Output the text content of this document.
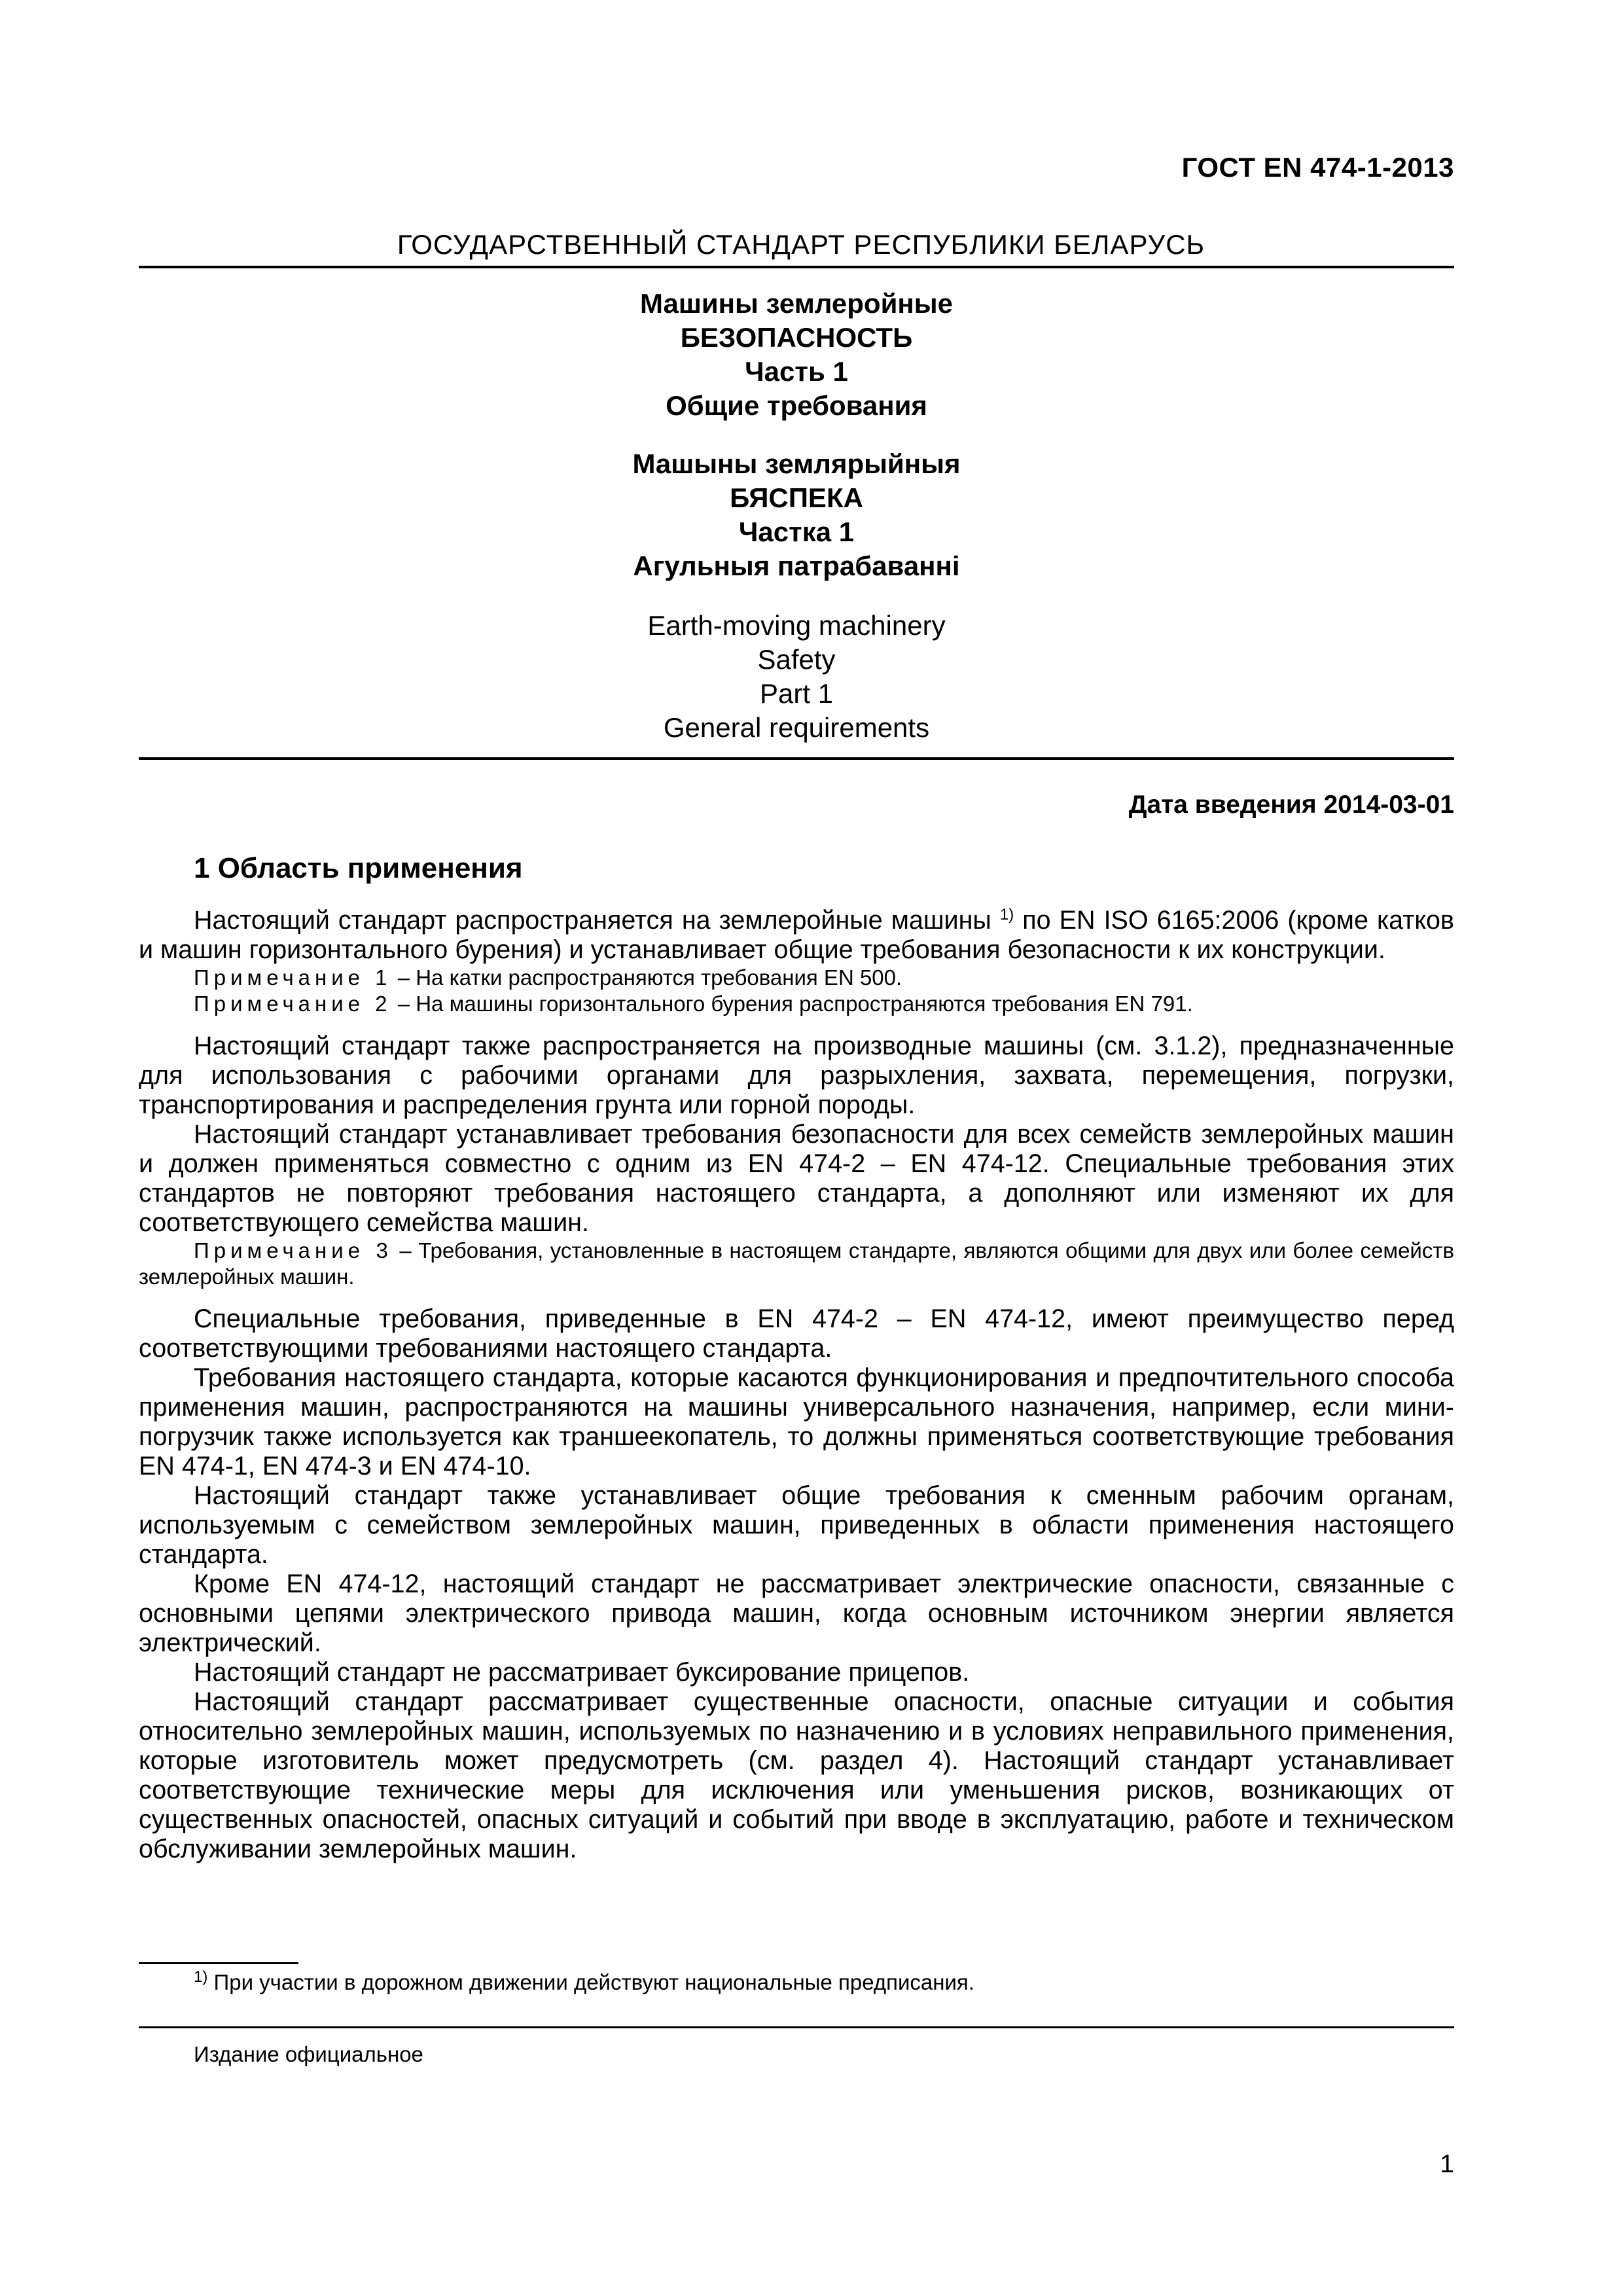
ГОСТ EN 474-1-2013
ГОСУДАРСТВЕННЫЙ СТАНДАРТ РЕСПУБЛИКИ БЕЛАРУСЬ
Машины землеройные
БЕЗОПАСНОСТЬ
Часть 1
Общие требования
Машыны землярыйныя
БЯСПЕКА
Частка 1
Агульныя патрабаванні
Earth-moving machinery
Safety
Part 1
General requirements
Дата введения 2014-03-01
1 Область применения

Настоящий стандарт распространяется на землеройные машины $^{1)}$ по EN ISO 6165:2006 (кроме катков и машин горизонтального бурения) и устанавливает общие требования безопасности к их конструкции.

Примечание 1 – На катки распространяются требования EN 500.

Примечание 2 – На машины горизонтального бурения распространяются требования EN 791.

Настоящий стандарт также распространяется на производные машины (см. 3.1.2), предназначенные для использования с рабочими органами для разрыхления, захвата, перемещения, погрузки, транспортирования и распределения грунта или горной породы.

Настоящий стандарт устанавливает требования безопасности для всех семейств землеройных машин и должен применяться совместно с одним из EN 474-2 – EN 474-12. Специальные требования этих стандартов не повторяют требования настоящего стандарта, а дополняют или изменяют их для соответствующего семейства машин.

Примечание 3 – Требования, установленные в настоящем стандарте, являются общими для двух или более семейств землеройных машин.

Специальные требования, приведенные в EN 474-2 – EN 474-12, имеют преимущество перед соответствующими требованиями настоящего стандарта.

Требования настоящего стандарта, которые касаются функционирования и предпочтительного способа применения машин, распространяются на машины универсального назначения, например, если мини-погрузчик также используется как траншеекопатель, то должны применяться соответствующие требования EN 474-1, EN 474-3 и EN 474-10.

Настоящий стандарт также устанавливает общие требования к сменным рабочим органам, используемым с семейством землеройных машин, приведенных в области применения настоящего стандарта.

Кроме EN 474-12, настоящий стандарт не рассматривает электрические опасности, связанные с основными цепями электрического привода машин, когда основным источником энергии является электрический.

Настоящий стандарт не рассматривает буксирование прицепов.

Настоящий стандарт рассматривает существенные опасности, опасные ситуации и события относительно землеройных машин, используемых по назначению и в условиях неправильного применения, которые изготовитель может предусмотреть (см. раздел 4). Настоящий стандарт устанавливает соответствующие технические меры для исключения или уменьшения рисков, возникающих от существенных опасностей, опасных ситуаций и событий при вводе в эксплуатацию, работе и техническом обслуживании землеройных машин.

$^{1)}$ При участии в дорожном движении действуют национальные предписания.
Издание официальное
1
